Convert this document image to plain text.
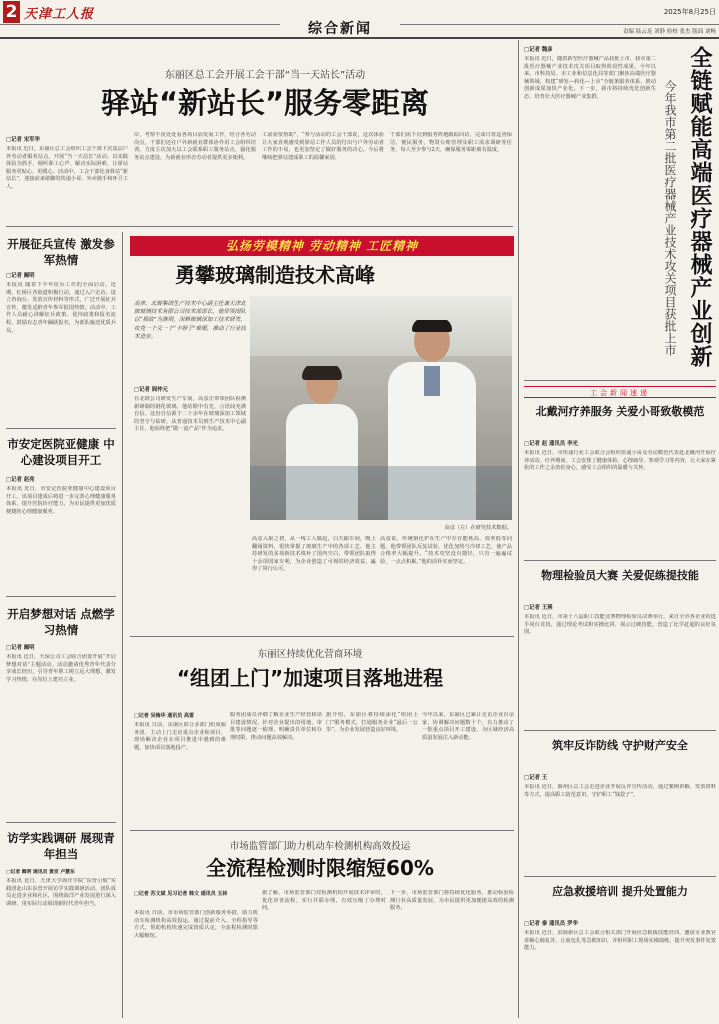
2 天津工人报	2025年8月25日
综合新闻	责编 陆云龙 刘静 检校 张杰 版面 刘畅
东丽区总工会开展工会干部“当一天站长”活动
驿站“新站长”服务零距离
□记者 宋军华
本报讯 近日，东丽区总工会组织工会干部下沉基层户外劳动者服务站点，开展“当一天站长”活动。以实践体验为抓手，倾听职工心声、解决实际困难，让驿站服务更贴心、更暖心。活动中，工会干部化身驿站“新站长”，迎接前来歇脚的快递小哥、外卖骑手和环卫工人。
岸，考察不夜处处看各项目前发展工作，结合各劳动岗点，干部们还在户外新就业群体协作用工会组织培训，力度主次加大以工会联系职工服务站点，强化服务站点建设，为新就业形态劳动者提供更多便利。
工前需要帮助”，“参与活动的工会干部说，这次体验让大家直观感受到驿站工作人员的付出与户外劳动者工作的不易，也更加坚定了做好服务的决心。今后将继续把驿站建成职工的温馨家园。
干部们需下沉到服务阵地跟踪回访，完成日常巡查保洁、便民服务，物资台账管理及职工需求调研等任务，每人至少参与2天，确保服务零距离有温度。
开展征兵宣传 激发参军热情
□记者 阚明
本报讯 随着下半年征兵工作的全面启动，近期，红桥区各街道积极行动，通过入户走访、设立咨询台、发放宣传材料等形式，广泛开展征兵宣传，激发适龄青年参军报国热情。活动中，工作人员耐心讲解征兵政策、优待政策和报名流程，鼓励有志青年踊跃报名，为部队输送优质兵员。
市安定医院亚健康 中心建设项目开工
□记者 赵亮
本报讯 近日，市安定医院亚健康中心建设项目开工。该项目建成后将进一步完善心理健康服务体系，提升医院诊疗能力，为市民提供更加优质便捷的心理健康服务。
开启梦想对话 点燃学习热情
□记者 阚明
本报讯 近日，天保公司工会联合团委开展“开启梦想对话”主题活动。活动邀请优秀青年代表分享成长经历，引导青年职工树立远大理想，激发学习热情，在岗位上建功立业。
访学实践调研 展现青年担当
□记者 阚明 通讯员 黄京 卢慧东
本报讯 近日，天津大学海洋学院“东营引航”实践团赴山东东营开展访学实践调研活动。团队成员走进企业和社区，围绕海洋产业发展进行深入调研，用实际行动展现新时代青年担当。
弘扬劳模精神 劳动精神 工匠精神
勇攀玻璃制造技术高峰
高彦，北玻集团生产技术中心副主任兼天津北玻玻璃技术有限公司技术部部长，他带领团队以“极致”为准则，深耕玻璃深加工技术研发，攻克一个又一个“卡脖子”难题，推动了行业技术进步。
高彦（左）在研究技术数据。
□记者 阎仲元
在北玻公司研发生产车间，高彦正带领团队检测新研制的钢化玻璃，他的眼中有光，言语间充满自信。这份自信源于二十余年在玻璃深加工领域的坚守与钻研。从普通技术员到生产技术中心副主任，他始终把“做一流产品”作为追求。
高彦入职之初，从一线工人做起，白天跟车间，晚上翻阅资料，很快掌握了玻璃生产中的各项工艺。他主持研发的多项新技术填补了国内空白，带领团队取得十余项国家专利，为企业创造了可观的经济效益，赢得了同行认可。
高彦说，传统钢化炉在生产中存在能耗高、效率低等问题，他带领团队反复试验，优化加热与冷却工艺，使产品合格率大幅提升。“技术攻坚没有捷径，只有一遍遍试验，一点点积累。”他的话朴实而坚定。
东丽区持续优化营商环境
“组团上门”加速项目落地进程
□记者 吴梅华 通讯员 高雷
本报讯 日前，东丽区联合多部门组成服务团，主动上门走访重点企业和项目，现场解决企业在项目推进中遇到的难题，加快项目落地投产。
服务团成员详细了解企业生产经营和项目建设情况，针对企业提出的用地、审批等问题逐一梳理，明确责任单位和办理时限，推动问题高效解决。
据介绍，东丽区将持续深化“组团上门”服务模式，打通服务企业“最后一公里”，为企业发展营造良好环境。
今年以来，东丽区已累计走访企业百余家，协调解决问题数十个，有力推动了一批重点项目开工建设，为区域经济高质量发展注入新动能。
市场监管部门助力机动车检测机构高效投运
全流程检测时限缩短60%
□记者 苏文斌 见习记者 韩文 通讯员 玉林
本报讯 日前，市市场监管部门创新服务举措，助力机动车检测机构高效投运。通过提前介入、全程指导等方式，帮助机构快速完成资质认定，全流程检测时限大幅缩短。
据了解，市场监管部门对检测机构开展技术评审时，优化审查流程，实行并联办理，有效压缩了办理时间。
下一步，市场监管部门将持续优化服务，推动检验检测行业高质量发展，为市民提供更加便捷高效的检测服务。
全链赋能高端医疗器械产业创新
今年我市第二批医疗器械产业技术攻关项目获批上市
□记者 魏彦
本报讯 近日，随着新型医疗器械产品获批上市，我市第二批医疗器械产业技术攻关项目取得阶段性成果。今年以来，市科技局、市工业和信息化局等部门聚焦高端医疗器械领域，构建“研发—转化—上市”全链条服务体系，推动创新成果加快产业化。下一步，我市将持续优化创新生态，培育壮大医疗器械产业集群。
工会新闻速递
北戴河疗养服务 关爱小哥致敬模范
□记者 赵 通讯员 李光
本报讯 近日，市快递行业工会联合会组织快递小哥及劳动模范代表赴北戴河开展疗养活动。疗养期间，工会安排了健康体检、心理疏导、参观学习等内容，让大家在紧张的工作之余放松身心，感受工会组织的温暖与关怀。
物理检验员大赛 关爱促练提技能
□记者 王瑛
本报讯 近日，市第十八届职工技能竞赛物理检验员决赛举行。来自全市各企业的选手同台竞技，通过理论考试和实操比拼，展示过硬技能，营造了比学赶超的良好氛围。
筑牢反诈防线 守护财产安全
□记者 王
本报讯 近日，蓟州区总工会走进企业开展反诈宣传活动，通过案例讲解、发放资料等方式，提高职工防范意识，守护职工“钱袋子”。
应急救援培训 提升处置能力
□记者 秦 通讯员 罗华
本报讯 近日，滨海新区总工会联合相关部门开展应急救援技能培训，邀请专业教官讲解心肺复苏、止血包扎等急救知识，并组织职工现场实操演练，提升突发事件处置能力。
